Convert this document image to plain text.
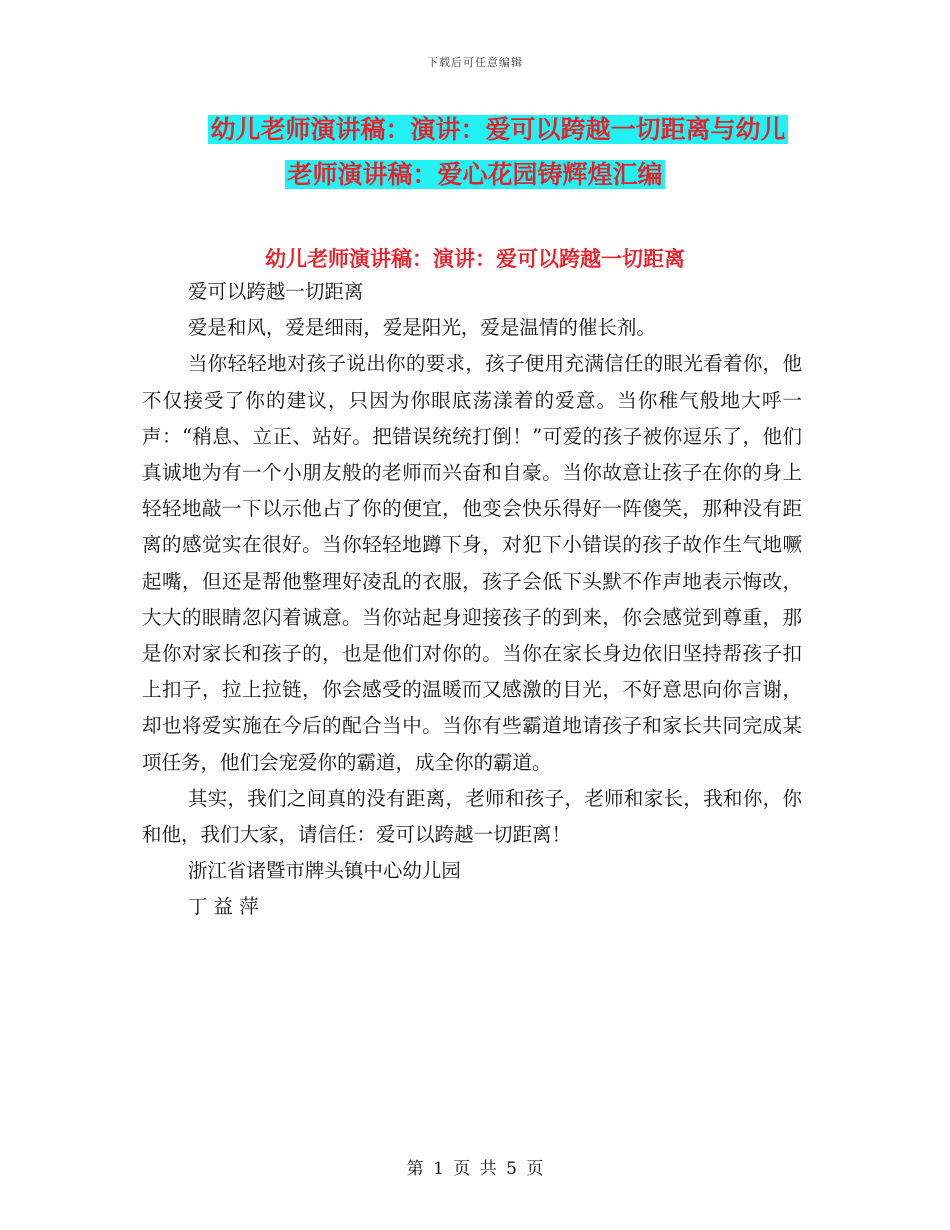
下载后可任意编辑
幼儿老师演讲稿：演讲：爱可以跨越一切距离与幼儿
老师演讲稿：爱心花园铸辉煌汇编
幼儿老师演讲稿：演讲：爱可以跨越一切距离

爱可以跨越一切距离

爱是和风，爱是细雨，爱是阳光，爱是温情的催长剂。

当你轻轻地对孩子说出你的要求，孩子便用充满信任的眼光看着你，他不仅接受了你的建议，只因为你眼底荡漾着的爱意。当你稚气般地大呼一声：“稍息、立正、站好。把错误统统打倒！”可爱的孩子被你逗乐了，他们真诚地为有一个小朋友般的老师而兴奋和自豪。当你故意让孩子在你的身上轻轻地敲一下以示他占了你的便宜，他变会快乐得好一阵傻笑，那种没有距离的感觉实在很好。当你轻轻地蹲下身，对犯下小错误的孩子故作生气地噘起嘴，但还是帮他整理好凌乱的衣服，孩子会低下头默不作声地表示悔改，大大的眼睛忽闪着诚意。当你站起身迎接孩子的到来，你会感觉到尊重，那是你对家长和孩子的，也是他们对你的。当你在家长身边依旧坚持帮孩子扣上扣子，拉上拉链，你会感受的温暖而又感激的目光，不好意思向你言谢，却也将爱实施在今后的配合当中。当你有些霸道地请孩子和家长共同完成某项任务，他们会宠爱你的霸道，成全你的霸道。

其实，我们之间真的没有距离，老师和孩子，老师和家长，我和你，你和他，我们大家，请信任：爱可以跨越一切距离！

浙江省诸暨市牌头镇中心幼儿园

丁 益 萍

第 1 页 共 5 页
